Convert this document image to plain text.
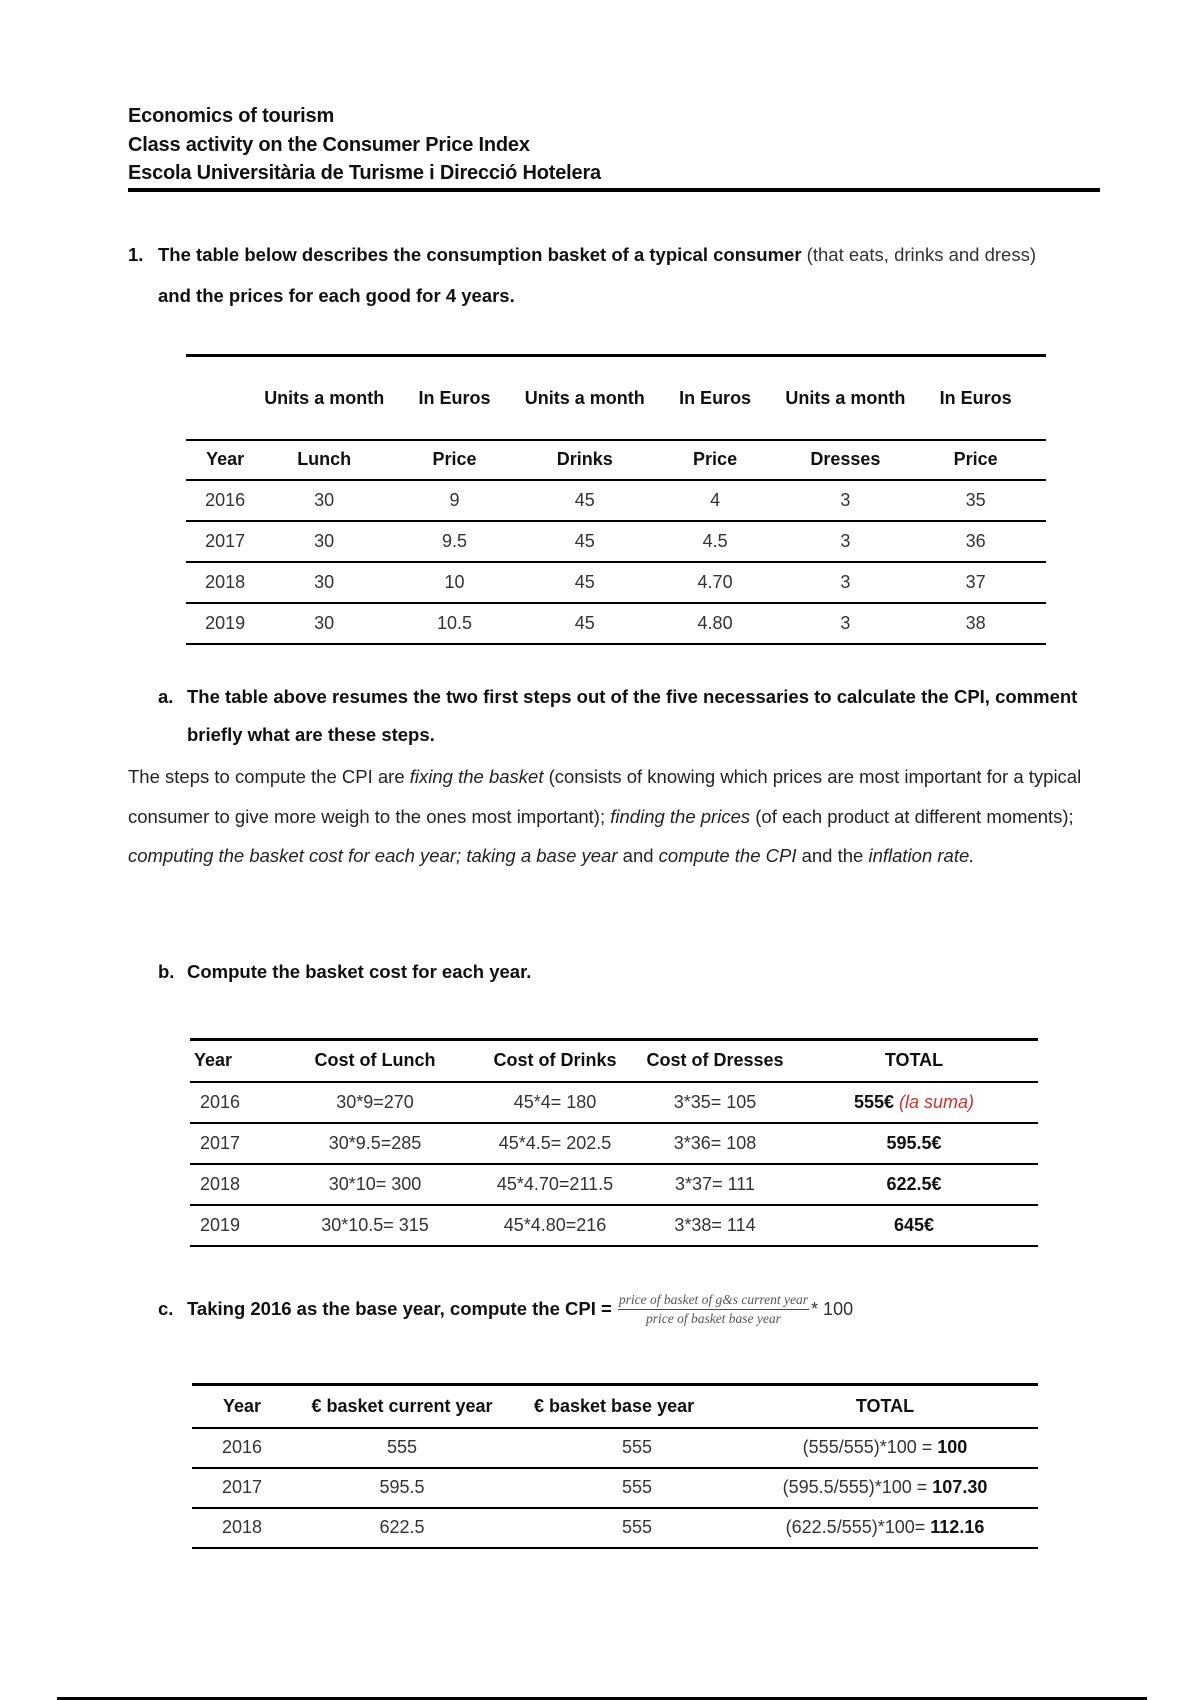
Economics of tourism
Class activity on the Consumer Price Index
Escola Universitària de Turisme i Direcció Hotelera
1. The table below describes the consumption basket of a typical consumer (that eats, drinks and dress)
and the prices for each good for 4 years.
	Units a month	In Euros	Units a month	In Euros	Units a month	In Euros
Year	Lunch	Price	Drinks	Price	Dresses	Price
2016	30	9	45	4	3	35
2017	30	9.5	45	4.5	3	36
2018	30	10	45	4.70	3	37
2019	30	10.5	45	4.80	3	38
a. The table above resumes the two first steps out of the five necessaries to calculate the CPI, comment briefly what are these steps.
The steps to compute the CPI are fixing the basket (consists of knowing which prices are most important for a typical consumer to give more weigh to the ones most important); finding the prices (of each product at different moments); computing the basket cost for each year; taking a base year and compute the CPI and the inflation rate.
b. Compute the basket cost for each year.
Year	Cost of Lunch	Cost of Drinks	Cost of Dresses	TOTAL
2016	30*9=270	45*4= 180	3*35= 105	555€ (la suma)
2017	30*9.5=285	45*4.5= 202.5	3*36= 108	595.5€
2018	30*10= 300	45*4.70=211.5	3*37= 111	622.5€
2019	30*10.5= 315	45*4.80=216	3*38= 114	645€
c. Taking 2016 as the base year, compute the CPI = $\frac{\text{price of basket of g\&s current year}}{\text{price of basket base year}} * 100$
Year	€ basket current year	€ basket base year	TOTAL
2016	555	555	(555/555)*100 = 100
2017	595.5	555	(595.5/555)*100 = 107.30
2018	622.5	555	(622.5/555)*100= 112.16
